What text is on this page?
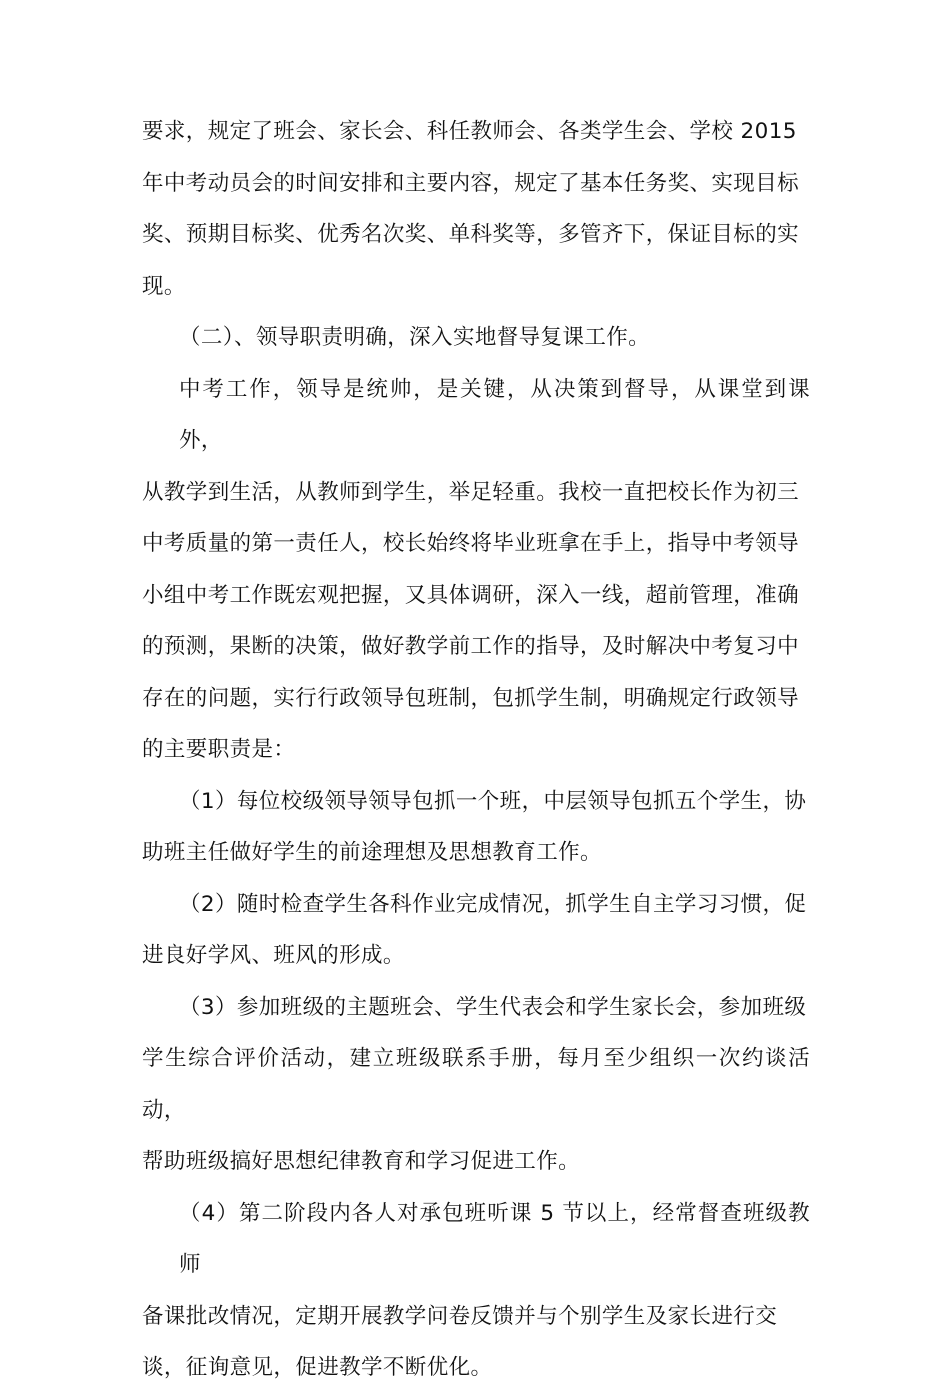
要求，规定了班会、家长会、科任教师会、各类学生会、学校 2015
年中考动员会的时间安排和主要内容，规定了基本任务奖、实现目标
奖、预期目标奖、优秀名次奖、单科奖等，多管齐下，保证目标的实
现。
（二）、领导职责明确，深入实地督导复课工作。
中考工作，领导是统帅，是关键，从决策到督导，从课堂到课外，
从教学到生活，从教师到学生，举足轻重。我校一直把校长作为初三
中考质量的第一责任人，校长始终将毕业班拿在手上，指导中考领导
小组中考工作既宏观把握，又具体调研，深入一线，超前管理，准确
的预测，果断的决策，做好教学前工作的指导，及时解决中考复习中
存在的问题，实行行政领导包班制，包抓学生制，明确规定行政领导
的主要职责是：
（1）每位校级领导领导包抓一个班，中层领导包抓五个学生，协
助班主任做好学生的前途理想及思想教育工作。
（2）随时检查学生各科作业完成情况，抓学生自主学习习惯，促
进良好学风、班风的形成。
（3）参加班级的主题班会、学生代表会和学生家长会，参加班级
学生综合评价活动，建立班级联系手册，每月至少组织一次约谈活动，
帮助班级搞好思想纪律教育和学习促进工作。
（4）第二阶段内各人对承包班听课 5 节以上，经常督查班级教师
备课批改情况，定期开展教学问卷反馈并与个别学生及家长进行交
谈，征询意见，促进教学不断优化。
